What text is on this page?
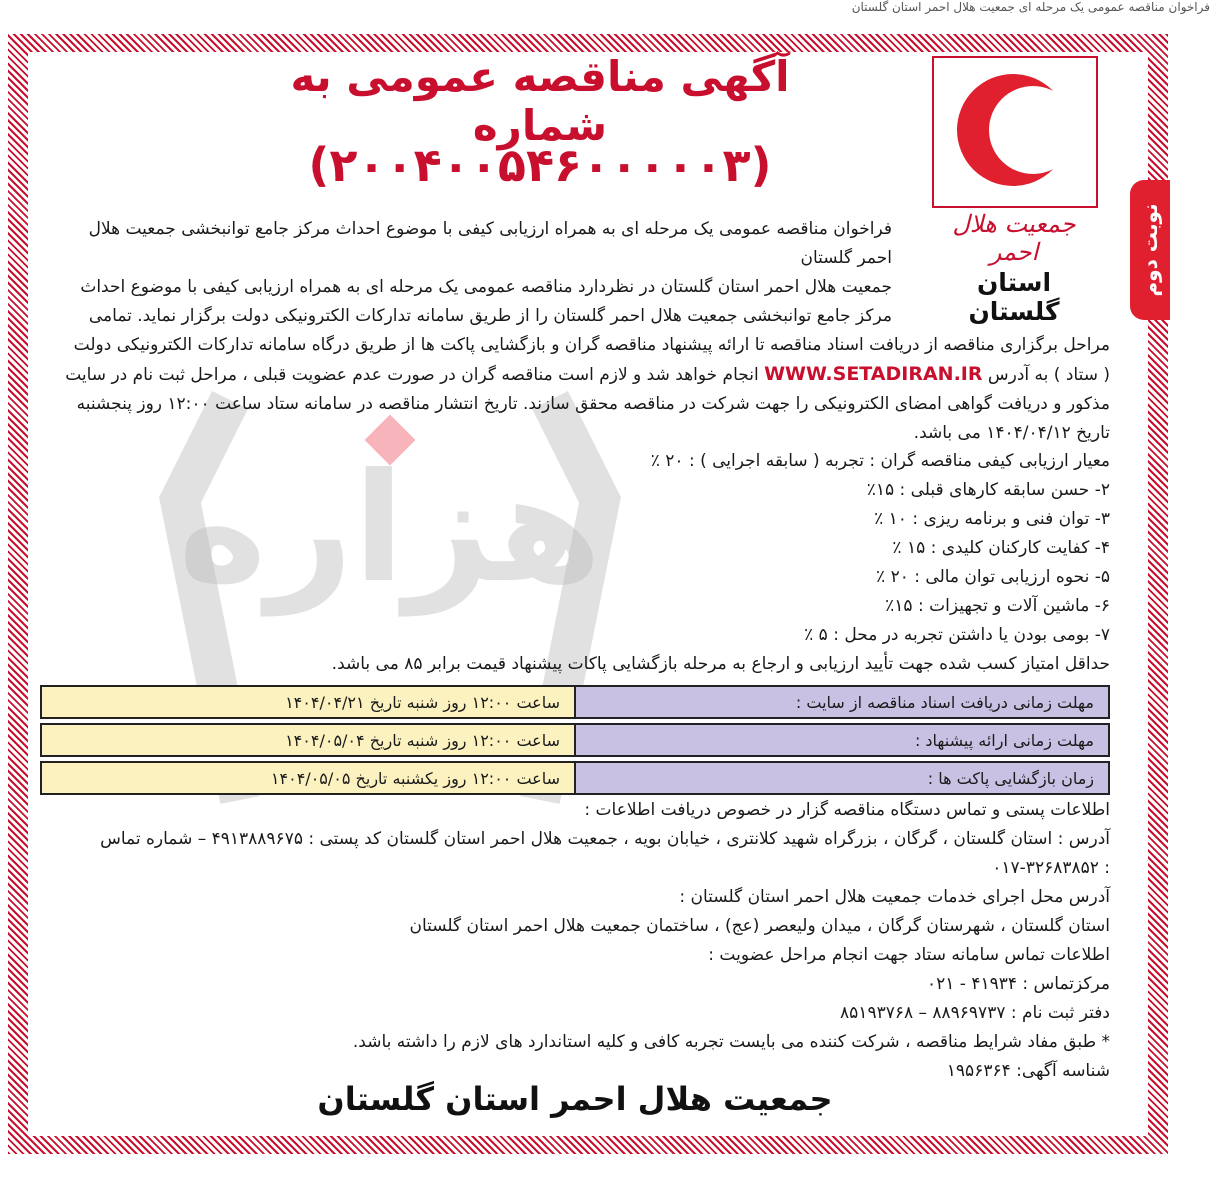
فراخوان مناقصه عمومی یک مرحله ای جمعیت هلال احمر استان گلستان
هزاره
آگهی مناقصه عمومی به شماره
(۲۰۰۴۰۰۵۴۶۰۰۰۰۰۳)
جمعیت هلال احمر
استان گلستان
نوبت دوم
فراخوان مناقصه عمومی یک مرحله ای به همراه ارزیابی کیفی با موضوع احداث مرکز جامع توانبخشی جمعیت هلال
احمر گلستان
جمعیت هلال احمر استان گلستان در نظردارد مناقصه عمومی یک مرحله ای به همراه ارزیابی کیفی با موضوع احداث
مرکز جامع توانبخشی جمعیت هلال احمر گلستان را از طریق سامانه تدارکات الکترونیکی دولت برگزار نماید. تمامی
مراحل برگزاری مناقصه از دریافت اسناد مناقصه تا ارائه پیشنهاد مناقصه گران و بازگشایی پاکت ها از طریق درگاه سامانه تدارکات الکترونیکی دولت
( ستاد ) به آدرس WWW.SETADIRAN.IR انجام خواهد شد و لازم است مناقصه گران در صورت عدم عضویت قبلی ، مراحل ثبت نام در سایت
مذکور و دریافت گواهی امضای الکترونیکی را جهت شرکت در مناقصه محقق سازند. تاریخ انتشار مناقصه در سامانه ستاد ساعت ۱۲:۰۰ روز پنجشنبه
تاریخ ۱۴۰۴/۰۴/۱۲ می باشد.
معیار ارزیابی کیفی مناقصه گران : تجربه ( سابقه اجرایی ) : ۲۰ ٪
۲- حسن سابقه کارهای قبلی : ۱۵٪
۳- توان فنی و برنامه ریزی : ۱۰ ٪
۴- کفایت کارکنان کلیدی : ۱۵ ٪
۵- نحوه ارزیابی توان مالی : ۲۰ ٪
۶- ماشین آلات و تجهیزات : ۱۵٪
۷- بومی بودن یا داشتن تجربه در محل : ۵ ٪
حداقل امتیاز کسب شده جهت تأیید ارزیابی و ارجاع به مرحله بازگشایی پاکات پیشنهاد قیمت برابر ۸۵ می باشد.
مهلت زمانی دریافت اسناد مناقصه از سایت :	ساعت ۱۲:۰۰ روز شنبه تاریخ ۱۴۰۴/۰۴/۲۱

مهلت زمانی ارائه پیشنهاد :	ساعت ۱۲:۰۰ روز شنبه تاریخ ۱۴۰۴/۰۵/۰۴

زمان بازگشایی پاکت ها :	ساعت ۱۲:۰۰ روز یکشنبه تاریخ ۱۴۰۴/۰۵/۰۵
اطلاعات پستی و تماس دستگاه مناقصه گزار در خصوص دریافت اطلاعات :
آدرس : استان گلستان ، گرگان ، بزرگراه شهید کلانتری ، خیابان بویه ، جمعیت هلال احمر استان گلستان کد پستی : ۴۹۱۳۸۸۹۶۷۵ – شماره تماس
: ۰۱۷-۳۲۶۸۳۸۵۲
آدرس محل اجرای خدمات جمعیت هلال احمر استان گلستان :
استان گلستان ، شهرستان گرگان ، میدان ولیعصر (عج) ، ساختمان جمعیت هلال احمر استان گلستان
اطلاعات تماس سامانه ستاد جهت انجام مراحل عضویت :
مرکزتماس : ۴۱۹۳۴ - ۰۲۱
دفتر ثبت نام : ۸۸۹۶۹۷۳۷ – ۸۵۱۹۳۷۶۸
* طبق مفاد شرایط مناقصه ، شرکت کننده می بایست تجربه کافی و کلیه استاندارد های لازم را داشته باشد.
شناسه آگهی: ۱۹۵۶۳۶۴
جمعیت هلال احمر استان گلستان
